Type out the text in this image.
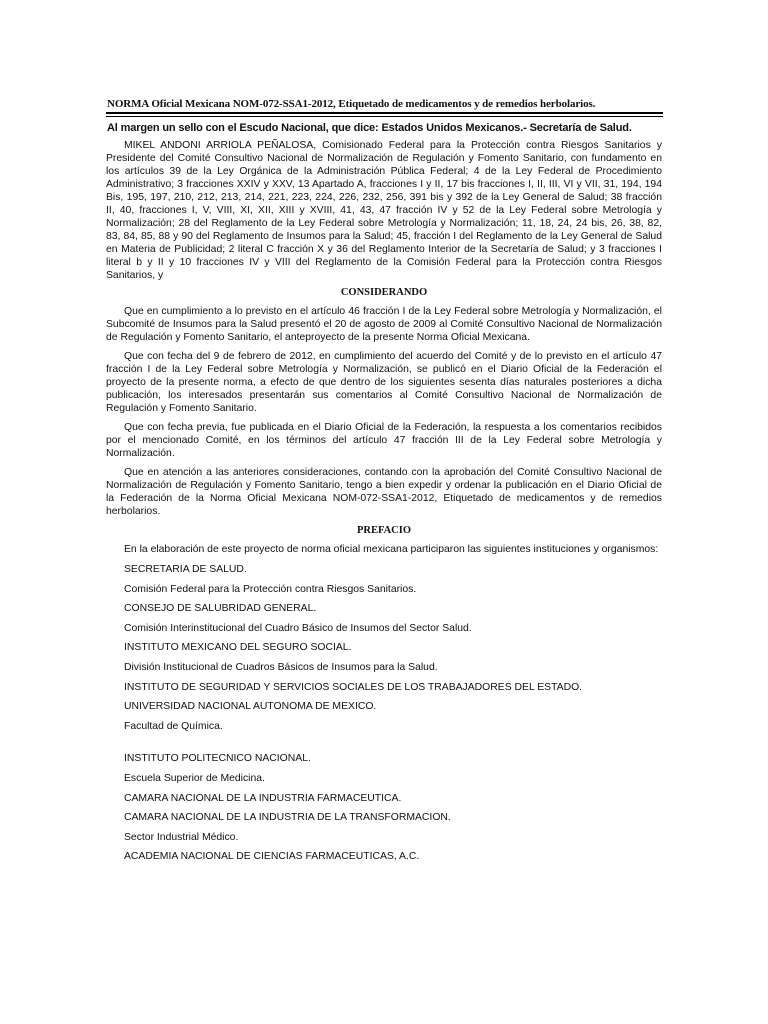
NORMA Oficial Mexicana NOM-072-SSA1-2012, Etiquetado de medicamentos y de remedios herbolarios.
Al margen un sello con el Escudo Nacional, que dice: Estados Unidos Mexicanos.- Secretaría de Salud.

MIKEL ANDONI ARRIOLA PEÑALOSA, Comisionado Federal para la Protección contra Riesgos Sanitarios y Presidente del Comité Consultivo Nacional de Normalización de Regulación y Fomento Sanitario, con fundamento en los artículos 39 de la Ley Orgánica de la Administración Pública Federal; 4 de la Ley Federal de Procedimiento Administrativo; 3 fracciones XXIV y XXV, 13 Apartado A, fracciones I y II, 17 bis fracciones I, II, III, VI y VII, 31, 194, 194 Bis, 195, 197, 210, 212, 213, 214, 221, 223, 224, 226, 232, 256, 391 bis y 392 de la Ley General de Salud; 38 fracción II, 40, fracciones I, V, VIII, XI, XII, XIII y XVIII, 41, 43, 47 fracción IV y 52 de la Ley Federal sobre Metrología y Normalización; 28 del Reglamento de la Ley Federal sobre Metrología y Normalización; 11, 18, 24, 24 bis, 26, 38, 82, 83, 84, 85, 88 y 90 del Reglamento de Insumos para la Salud; 45, fracción I del Reglamento de la Ley General de Salud en Materia de Publicidad; 2 literal C fracción X y 36 del Reglamento Interior de la Secretaría de Salud; y 3 fracciones I literal b y II y 10 fracciones IV y VIII del Reglamento de la Comisión Federal para la Protección contra Riesgos Sanitarios, y

CONSIDERANDO

Que en cumplimiento a lo previsto en el artículo 46 fracción I de la Ley Federal sobre Metrología y Normalización, el Subcomité de Insumos para la Salud presentó el 20 de agosto de 2009 al Comité Consultivo Nacional de Normalización de Regulación y Fomento Sanitario, el anteproyecto de la presente Norma Oficial Mexicana.

Que con fecha del 9 de febrero de 2012, en cumplimiento del acuerdo del Comité y de lo previsto en el artículo 47 fracción I de la Ley Federal sobre Metrología y Normalización, se publicó en el Diario Oficial de la Federación el proyecto de la presente norma, a efecto de que dentro de los siguientes sesenta días naturales posteriores a dicha publicación, los interesados presentarán sus comentarios al Comité Consultivo Nacional de Normalización de Regulación y Fomento Sanitario.

Que con fecha previa, fue publicada en el Diario Oficial de la Federación, la respuesta a los comentarios recibidos por el mencionado Comité, en los términos del artículo 47 fracción III de la Ley Federal sobre Metrología y Normalización.

Que en atención a las anteriores consideraciones, contando con la aprobación del Comité Consultivo Nacional de Normalización de Regulación y Fomento Sanitario, tengo a bien expedir y ordenar la publicación en el Diario Oficial de la Federación de la Norma Oficial Mexicana NOM-072-SSA1-2012, Etiquetado de medicamentos y de remedios herbolarios.

PREFACIO

En la elaboración de este proyecto de norma oficial mexicana participaron las siguientes instituciones y organismos:

SECRETARIA DE SALUD.
Comisión Federal para la Protección contra Riesgos Sanitarios.
CONSEJO DE SALUBRIDAD GENERAL.
Comisión Interinstitucional del Cuadro Básico de Insumos del Sector Salud.
INSTITUTO MEXICANO DEL SEGURO SOCIAL.
División Institucional de Cuadros Básicos de Insumos para la Salud.
INSTITUTO DE SEGURIDAD Y SERVICIOS SOCIALES DE LOS TRABAJADORES DEL ESTADO.
UNIVERSIDAD NACIONAL AUTONOMA DE MEXICO.
Facultad de Química.
INSTITUTO POLITECNICO NACIONAL.
Escuela Superior de Medicina.
CAMARA NACIONAL DE LA INDUSTRIA FARMACEUTICA.
CAMARA NACIONAL DE LA INDUSTRIA DE LA TRANSFORMACION.
Sector Industrial Médico.
ACADEMIA NACIONAL DE CIENCIAS FARMACEUTICAS, A.C.
